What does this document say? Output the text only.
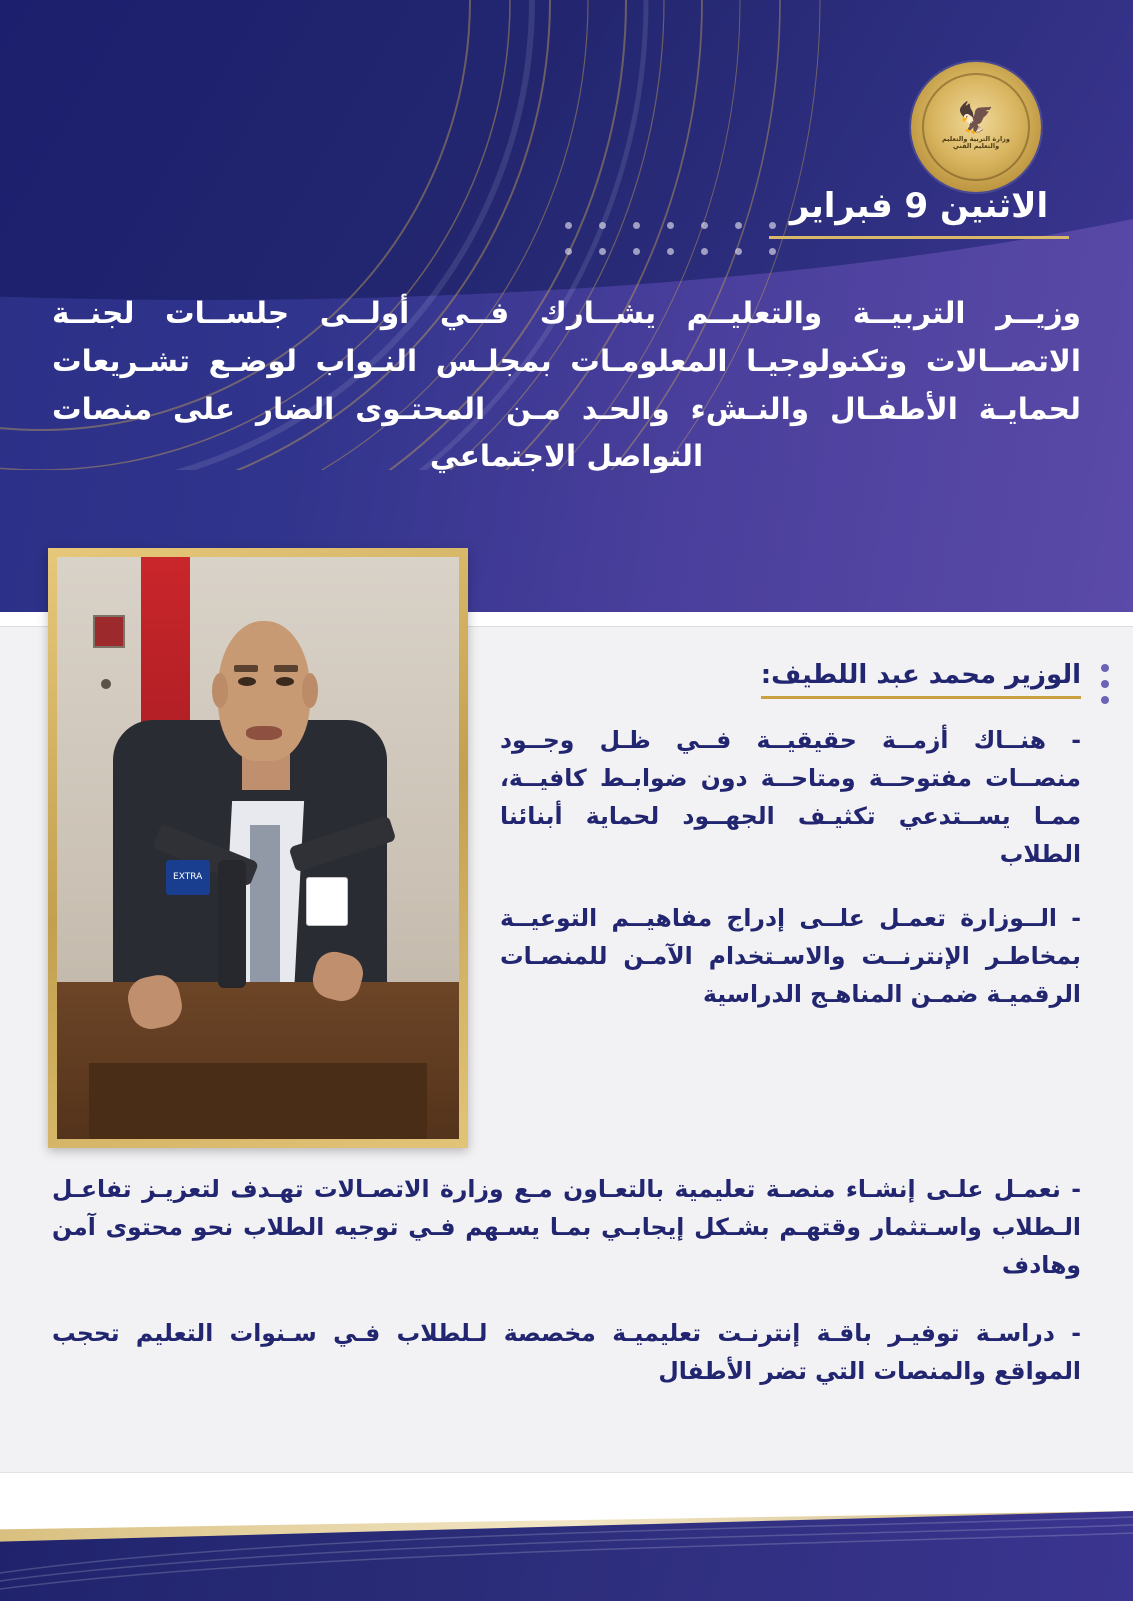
🦅
وزارة التربية والتعليم والتعليم الفني
الاثنين 9 فبراير
وزيــر التربيــة والتعليــم يشــارك فــي أولــى جلســات لجنــة الاتصــالات وتكنولوجيـا المعلومـات بمجلـس النـواب لوضـع تشـريعات لحمايـة الأطفـال والنـشء والحـد مـن المحتـوى الضار على منصات التواصل الاجتماعي
EXTRA
الوزير محمد عبد اللطيف:

- هنــاك أزمــة حقيقيــة فــي ظـل وجــود منصــات مفتوحــة ومتاحــة دون ضوابـط كافيــة، ممـا يســتدعي تكثيـف الجهــود لحماية أبنائنا الطلاب

- الــوزارة تعمـل علــى إدراج مفاهيــم التوعيــة بمخاطـر الإنترنــت والاسـتخدام الآمـن للمنصـات الرقميـة ضمـن المناهـج الدراسية

- نعمـل علـى إنشـاء منصـة تعليمية بالتعـاون مـع وزارة الاتصـالات تهـدف لتعزيـز تفاعـل الـطلاب واسـتثمار وقتهـم بشـكل إيجابـي بمـا يسـهم فـي توجيه الطلاب نحو محتوى آمن وهادف

- دراسـة توفيـر باقـة إنترنـت تعليميـة مخصصة لـلطلاب فـي سـنوات التعليم تحجب المواقع والمنصات التي تضر الأطفال
